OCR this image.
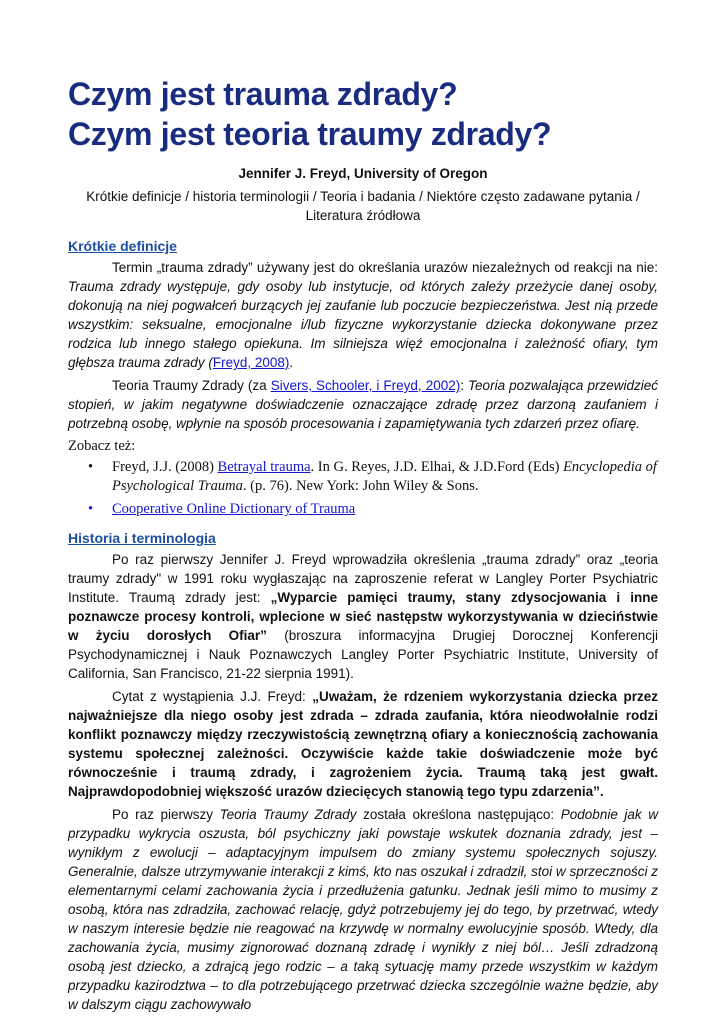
Czym jest trauma zdrady?
Czym jest teoria traumy zdrady?
Jennifer J. Freyd, University of Oregon
Krótkie definicje / historia terminologii / Teoria i badania / Niektóre często zadawane pytania / Literatura źródłowa
Krótkie definicje

Termin „trauma zdrady” używany jest do określania urazów niezależnych od reakcji na nie: Trauma zdrady występuje, gdy osoby lub instytucje, od których zależy przeżycie danej osoby, dokonują na niej pogwałceń burzących jej zaufanie lub poczucie bezpieczeństwa. Jest nią przede wszystkim: seksualne, emocjonalne i/lub fizyczne wykorzystanie dziecka dokonywane przez rodzica lub innego stałego opiekuna. Im silniejsza więź emocjonalna i zależność ofiary, tym głębsza trauma zdrady (Freyd, 2008).

Teoria Traumy Zdrady (za Sivers, Schooler, i Freyd, 2002): Teoria pozwalająca przewidzieć stopień, w jakim negatywne doświadczenie oznaczające zdradę przez darzoną zaufaniem i potrzebną osobę, wpłynie na sposób procesowania i zapamiętywania tych zdarzeń przez ofiarę.

Zobacz też:

• Freyd, J.J. (2008) Betrayal trauma. In G. Reyes, J.D. Elhai, & J.D.Ford (Eds) Encyclopedia of Psychological Trauma. (p. 76). New York: John Wiley & Sons.
• Cooperative Online Dictionary of Trauma
Historia i terminologia

Po raz pierwszy Jennifer J. Freyd wprowadziła określenia „trauma zdrady” oraz „teoria traumy zdrady" w 1991 roku wygłaszając na zaproszenie referat w Langley Porter Psychiatric Institute. Traumą zdrady jest: „Wyparcie pamięci traumy, stany zdysocjowania i inne poznawcze procesy kontroli, wplecione w sieć następstw wykorzystywania w dzieciństwie w życiu dorosłych Ofiar” (broszura informacyjna Drugiej Dorocznej Konferencji Psychodynamicznej i Nauk Poznawczych Langley Porter Psychiatric Institute, University of California, San Francisco, 21-22 sierpnia 1991).

Cytat z wystąpienia J.J. Freyd: „Uważam, że rdzeniem wykorzystania dziecka przez najważniejsze dla niego osoby jest zdrada – zdrada zaufania, która nieodwołalnie rodzi konflikt poznawczy między rzeczywistością zewnętrzną ofiary a koniecznością zachowania systemu społecznej zależności. Oczywiście każde takie doświadczenie może być równocześnie i traumą zdrady, i zagrożeniem życia. Traumą taką jest gwałt. Najprawdopodobniej większość urazów dziecięcych stanowią tego typu zdarzenia”.

Po raz pierwszy Teoria Traumy Zdrady została określona następująco: Podobnie jak w przypadku wykrycia oszusta, ból psychiczny jaki powstaje wskutek doznania zdrady, jest – wynikłym z ewolucji – adaptacyjnym impulsem do zmiany systemu społecznych sojuszy. Generalnie, dalsze utrzymywanie interakcji z kimś, kto nas oszukał i zdradził, stoi w sprzeczności z elementarnymi celami zachowania życia i przedłużenia gatunku. Jednak jeśli mimo to musimy z osobą, która nas zdradziła, zachować relację, gdyż potrzebujemy jej do tego, by przetrwać, wtedy w naszym interesie będzie nie reagować na krzywdę w normalny ewolucyjnie sposób. Wtedy, dla zachowania życia, musimy zignorować doznaną zdradę i wynikły z niej ból… Jeśli zdradzoną osobą jest dziecko, a zdrajcą jego rodzic – a taką sytuację mamy przede wszystkim w każdym przypadku kazirodztwa – to dla potrzebującego przetrwać dziecka szczególnie ważne będzie, aby w dalszym ciągu zachowywało
